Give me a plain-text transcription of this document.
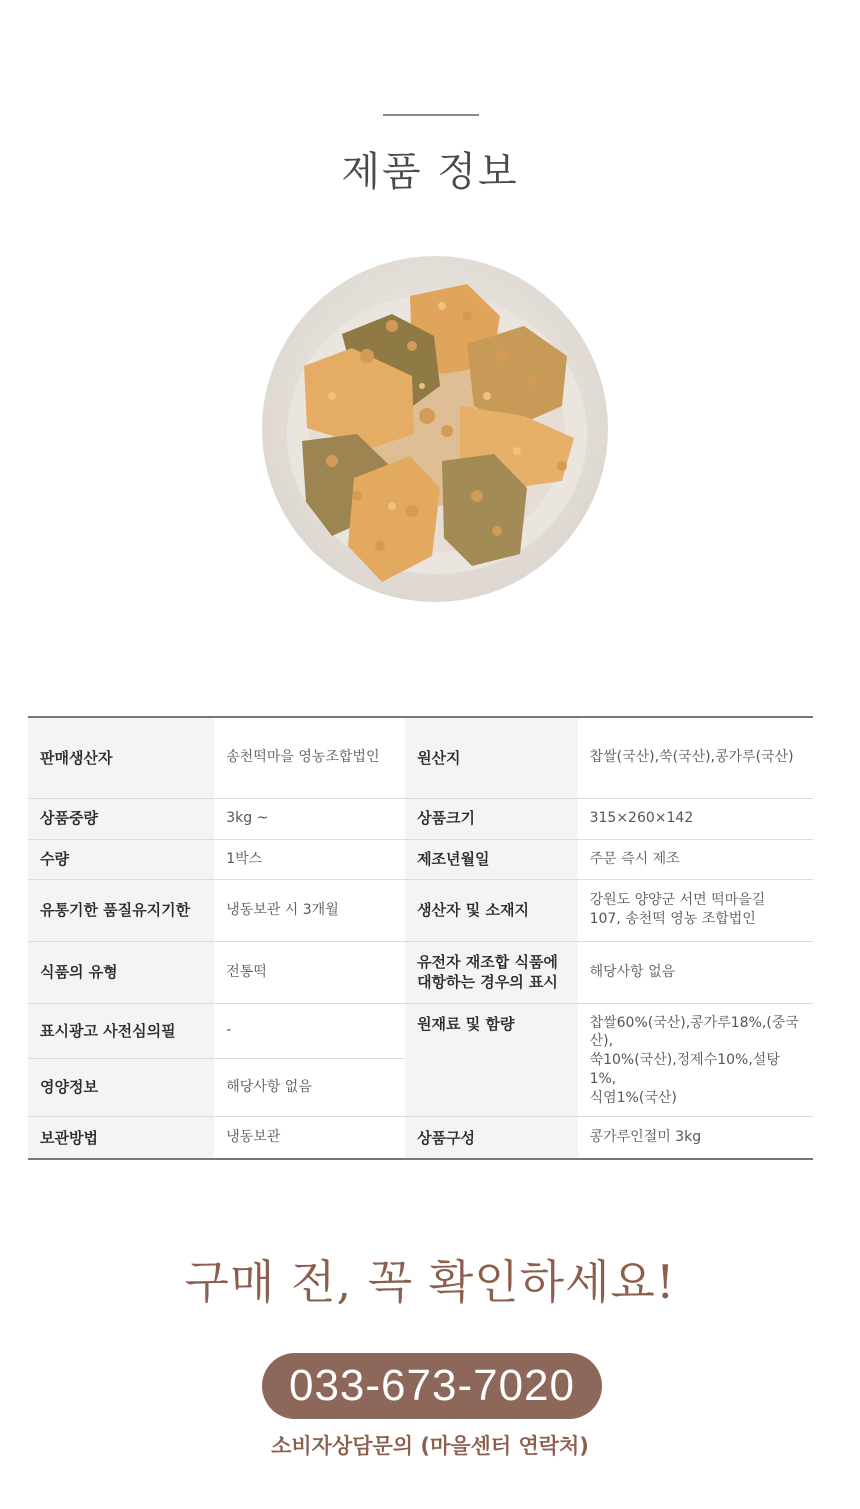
제품 정보
판매생산자	송천떡마을 영농조합법인	원산지	찹쌀(국산),쑥(국산),콩가루(국산)
상품중량	3kg ~	상품크기	315×260×142
수량	1박스	제조년월일	주문 즉시 제조
유통기한 품질유지기한	냉동보관 시 3개월	생산자 및 소재지	강원도 양양군 서면 떡마을길
107, 송천떡 영농 조합법인

식품의 유형	전통떡	유전자 재조합 식품에
대항하는 경우의 표시	해당사항 없음
표시광고 사전심의필	-	원재료 및 함량	찹쌀60%(국산),콩가루18%,(중국산),
쑥10%(국산),정제수10%,설탕1%,
식염1%(국산)

영양정보	해당사항 없음		
보관방법	냉동보관	상품구성	콩가루인절미 3kg
구매 전, 꼭 확인하세요!
033-673-7020
소비자상담문의 (마을센터 연락처)
